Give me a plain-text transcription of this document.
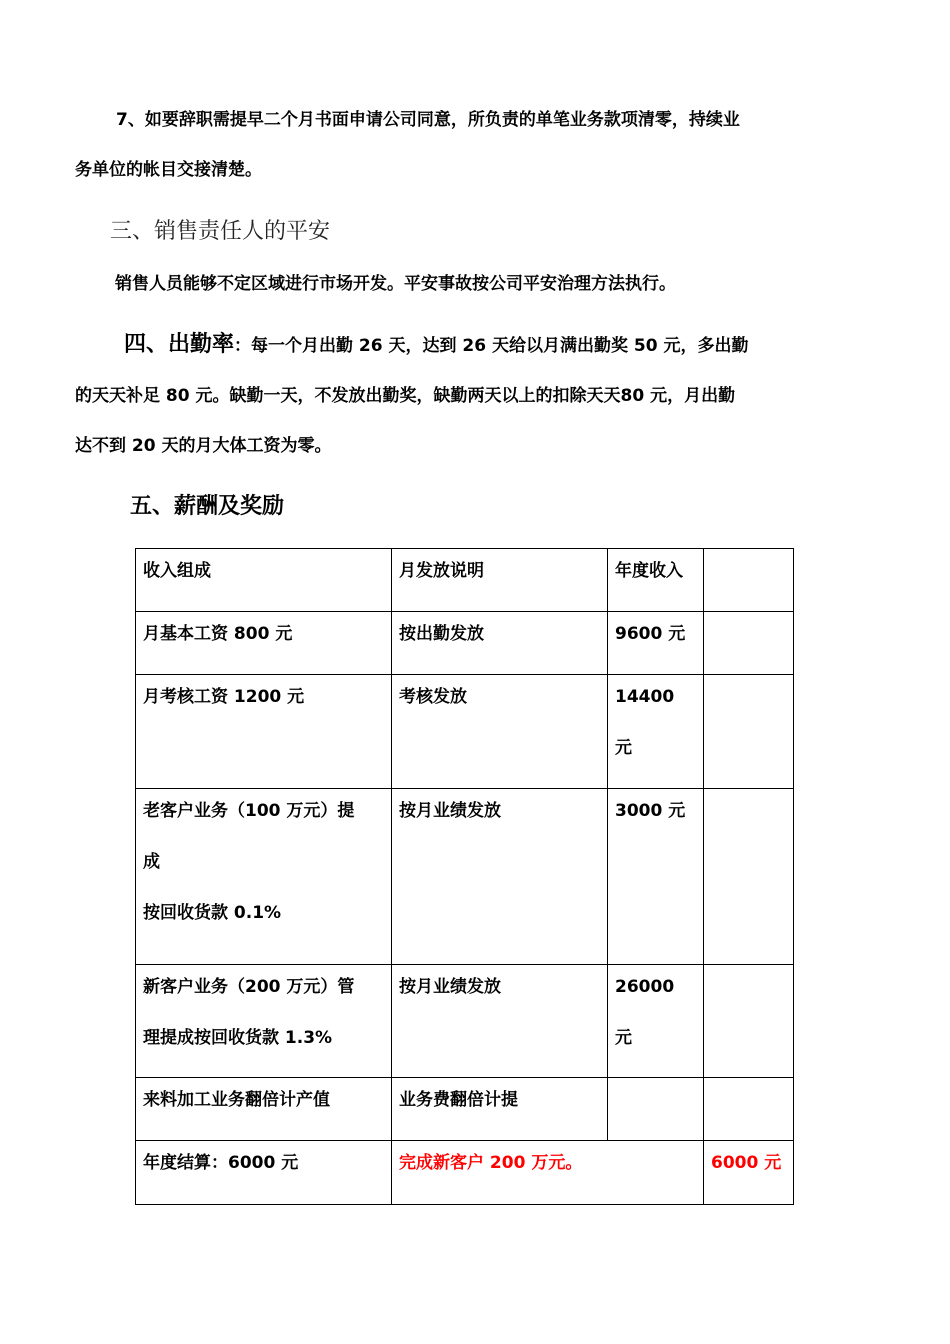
7、如要辞职需提早二个月书面申请公司同意，所负责的单笔业务款项清零，持续业
务单位的帐目交接清楚。
三、销售责任人的平安
销售人员能够不定区域进行市场开发。平安事故按公司平安治理方法执行。
四、出勤率：每一个月出勤 26 天，达到 26 天给以月满出勤奖 50 元，多出勤
的天天补足 80 元。缺勤一天，不发放出勤奖，缺勤两天以上的扣除天天80 元，月出勤
达不到 20 天的月大体工资为零。
五、薪酬及奖励
收入组成	月发放说明	年度收入	
月基本工资 800 元	按出勤发放	9600 元	
月考核工资 1200 元	考核发放	14400
元	

老客户业务（100 万元）提
成
按回收货款 0.1%	按月业绩发放	3000 元	
新客户业务（200 万元）管
理提成按回收货款 1.3%	按月业绩发放	26000
元	

来料加工业务翻倍计产值	业务费翻倍计提		
年度结算：6000 元	完成新客户 200 万元。		6000 元
